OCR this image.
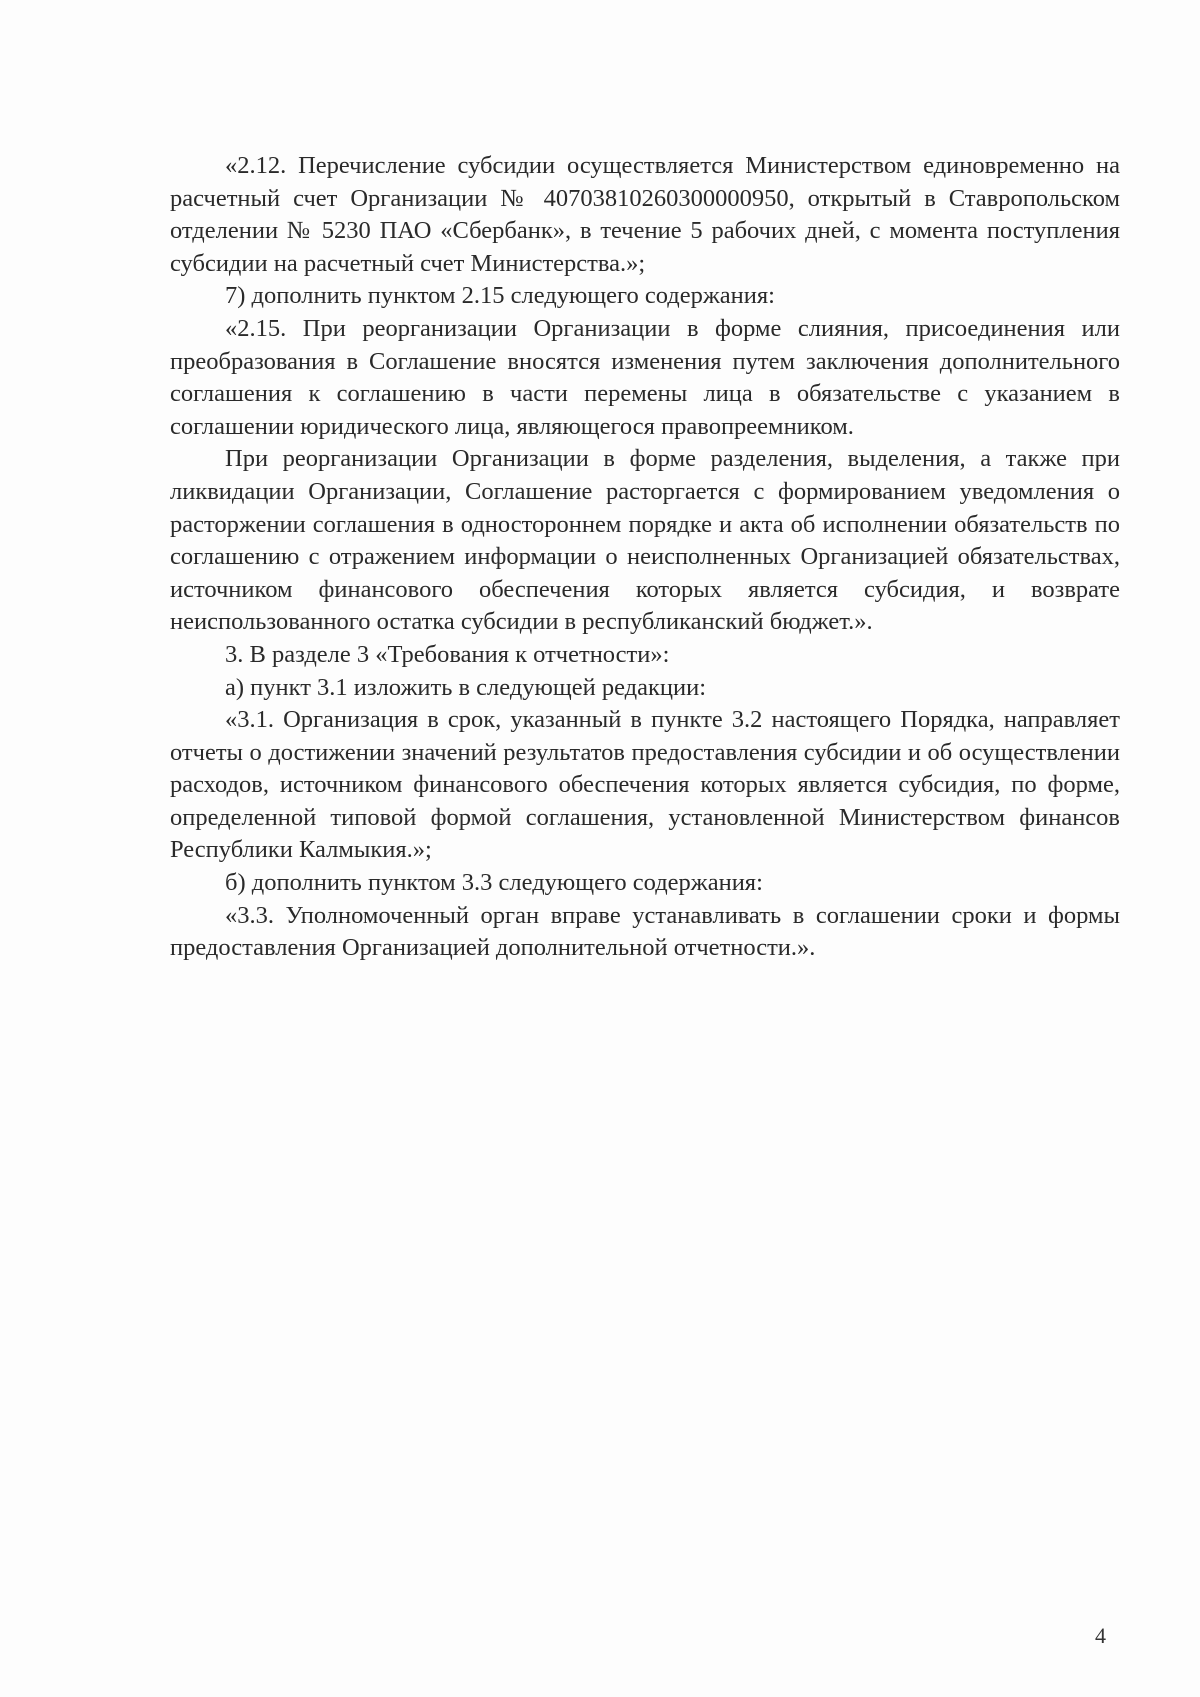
«2.12. Перечисление субсидии осуществляется Министерством единовременно на расчетный счет Организации № 40703810260300000950, открытый в Ставропольском отделении № 5230 ПАО «Сбербанк», в течение 5 рабочих дней, с момента поступления субсидии на расчетный счет Министерства.»;

7) дополнить пунктом 2.15 следующего содержания:

«2.15. При реорганизации Организации в форме слияния, присоединения или преобразования в Соглашение вносятся изменения путем заключения дополнительного соглашения к соглашению в части перемены лица в обязательстве с указанием в соглашении юридического лица, являющегося правопреемником.

При реорганизации Организации в форме разделения, выделения, а также при ликвидации Организации, Соглашение расторгается с формированием уведомления о расторжении соглашения в одностороннем порядке и акта об исполнении обязательств по соглашению с отражением информации о неисполненных Организацией обязательствах, источником финансового обеспечения которых является субсидия, и возврате неиспользованного остатка субсидии в республиканский бюджет.».

3. В разделе 3 «Требования к отчетности»:

а) пункт 3.1 изложить в следующей редакции:

«3.1. Организация в срок, указанный в пункте 3.2 настоящего Порядка, направляет отчеты о достижении значений результатов предоставления субсидии и об осуществлении расходов, источником финансового обеспечения которых является субсидия, по форме, определенной типовой формой соглашения, установленной Министерством финансов Республики Калмыкия.»;

б) дополнить пунктом 3.3 следующего содержания:

«3.3. Уполномоченный орган вправе устанавливать в соглашении сроки и формы предоставления Организацией дополнительной отчетности.».

4
